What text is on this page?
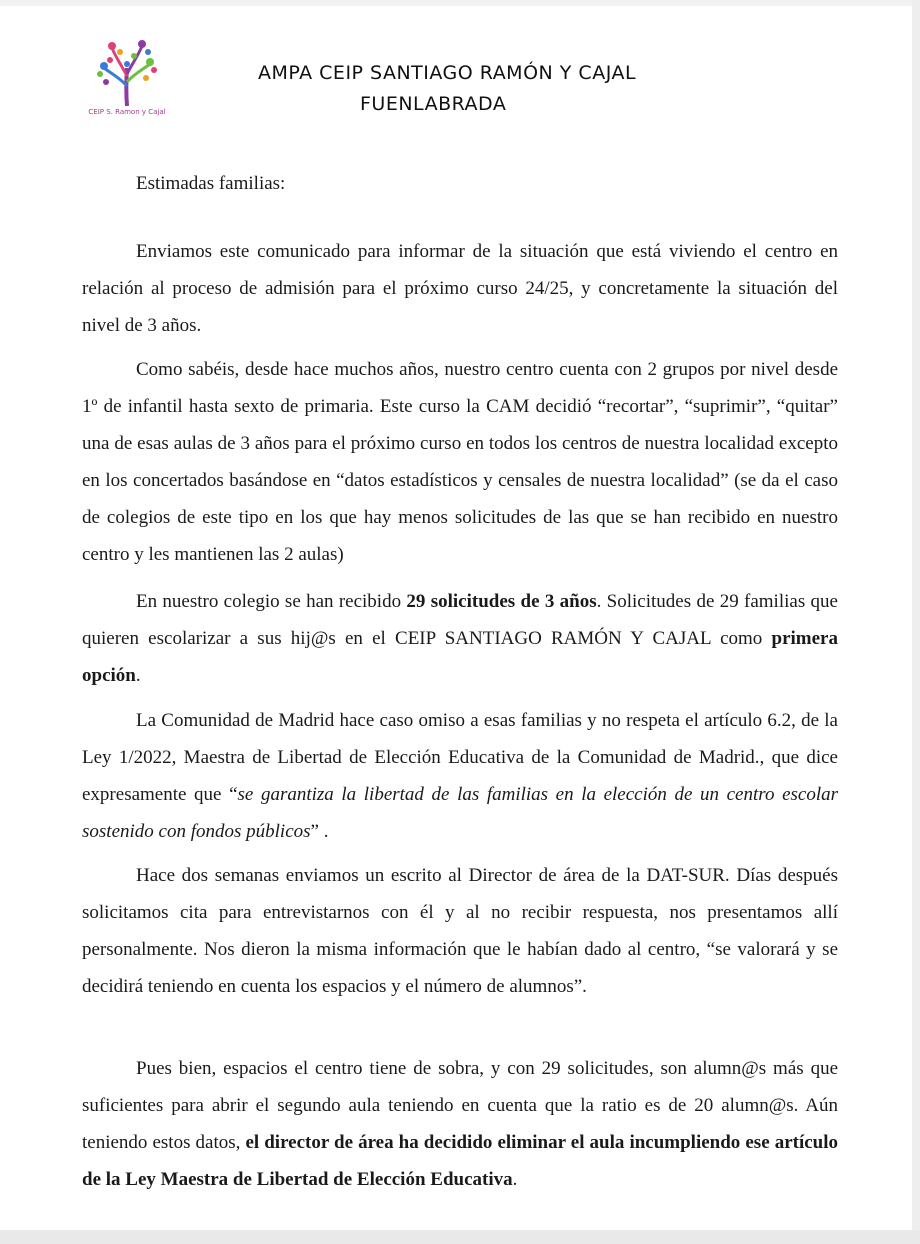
CEIP S. Ramon y Cajal
AMPA CEIP SANTIAGO RAMÓN Y CAJAL
FUENLABRADA
Estimadas familias:

Enviamos este comunicado para informar de la situación que está viviendo el centro en relación al proceso de admisión para el próximo curso 24/25, y concretamente la situación del nivel de 3 años.

Como sabéis, desde hace muchos años, nuestro centro cuenta con 2 grupos por nivel desde 1º de infantil hasta sexto de primaria. Este curso la CAM decidió “recortar”, “suprimir”, “quitar” una de esas aulas de 3 años para el próximo curso en todos los centros de nuestra localidad excepto en los concertados basándose en “datos estadísticos y censales de nuestra localidad” (se da el caso de colegios de este tipo en los que hay menos solicitudes de las que se han recibido en nuestro centro y les mantienen las 2 aulas)

En nuestro colegio se han recibido 29 solicitudes de 3 años. Solicitudes de 29 familias que quieren escolarizar a sus hij@s en el CEIP SANTIAGO RAMÓN Y CAJAL como primera opción.

La Comunidad de Madrid hace caso omiso a esas familias y no respeta el artículo 6.2, de la Ley 1/2022, Maestra de Libertad de Elección Educativa de la Comunidad de Madrid., que dice expresamente que “se garantiza la libertad de las familias en la elección de un centro escolar sostenido con fondos públicos” .

Hace dos semanas enviamos un escrito al Director de área de la DAT-SUR. Días después solicitamos cita para entrevistarnos con él y al no recibir respuesta, nos presentamos allí personalmente. Nos dieron la misma información que le habían dado al centro, “se valorará y se decidirá teniendo en cuenta los espacios y el número de alumnos”.

Pues bien, espacios el centro tiene de sobra, y con 29 solicitudes, son alumn@s más que suficientes para abrir el segundo aula teniendo en cuenta que la ratio es de 20 alumn@s. Aún teniendo estos datos, el director de área ha decidido eliminar el aula incumpliendo ese artículo de la Ley Maestra de Libertad de Elección Educativa.
